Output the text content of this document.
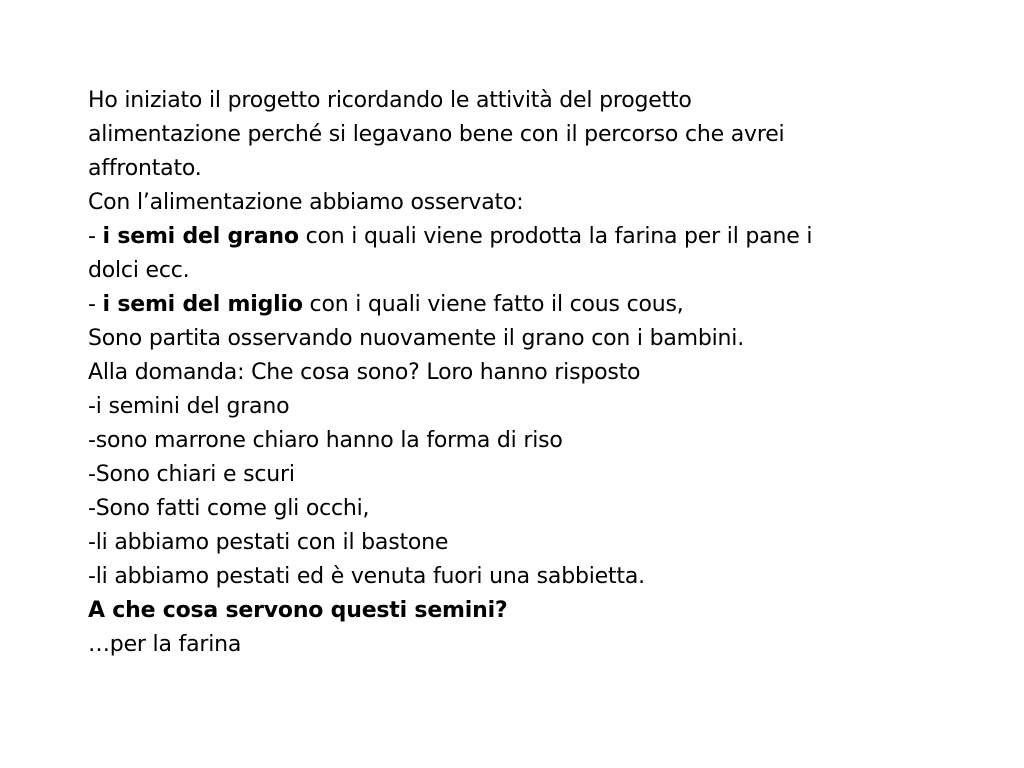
Ho iniziato il progetto ricordando le attività del progetto
alimentazione perché si legavano bene con il percorso che avrei
affrontato.
Con l’alimentazione abbiamo osservato:
- i semi del grano con i quali viene prodotta la farina per il pane i
dolci ecc.
- i semi del miglio con i quali viene fatto il cous cous,
Sono partita osservando nuovamente il grano con i bambini.
Alla domanda: Che cosa sono? Loro hanno risposto
-i semini del grano
-sono marrone chiaro hanno la forma di riso
-Sono chiari e scuri
-Sono fatti come gli occhi,
-li abbiamo pestati con il bastone
-li abbiamo pestati ed è venuta fuori una sabbietta.
A che cosa servono questi semini?
…per la farina
